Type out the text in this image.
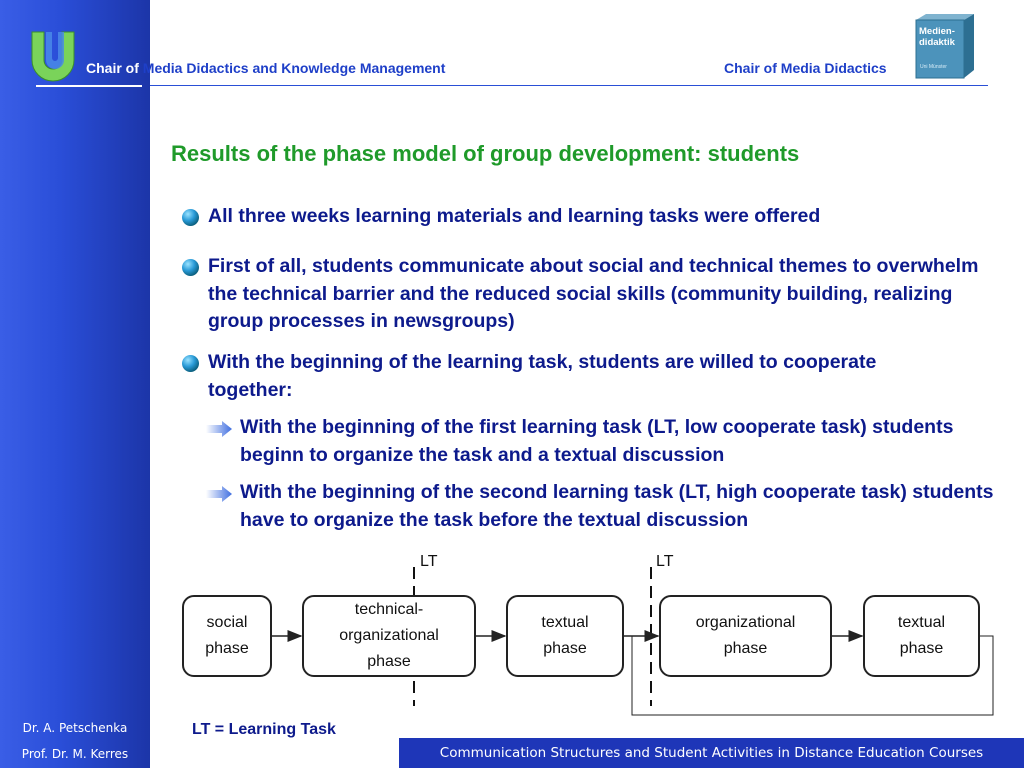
Chair of Media Didactics and Knowledge Management	Chair of Media Didactics	Uni Münster
Medien-didaktik
Results of the phase model of group development: students
All three weeks learning materials and learning tasks were offered
First of all, students communicate about social and technical themes to overwhelm the technical barrier and the reduced social skills (community building, realizing group processes in newsgroups)
With the beginning of the learning task, students are willed to cooperate together:
With the beginning of the first learning task (LT, low cooperate task) students beginn to organize the task and a textual discussion
With the beginning of the second learning task (LT, high cooperate task) students have to organize the task before the textual discussion
LT	LT
social
phase
technical-
organizational
phase
textual
phase
organizational
phase
textual
phase
LT = Learning Task
Dr. A. Petschenka
Prof. Dr. M. Kerres	Communication Structures and Student Activities in Distance Education Courses
